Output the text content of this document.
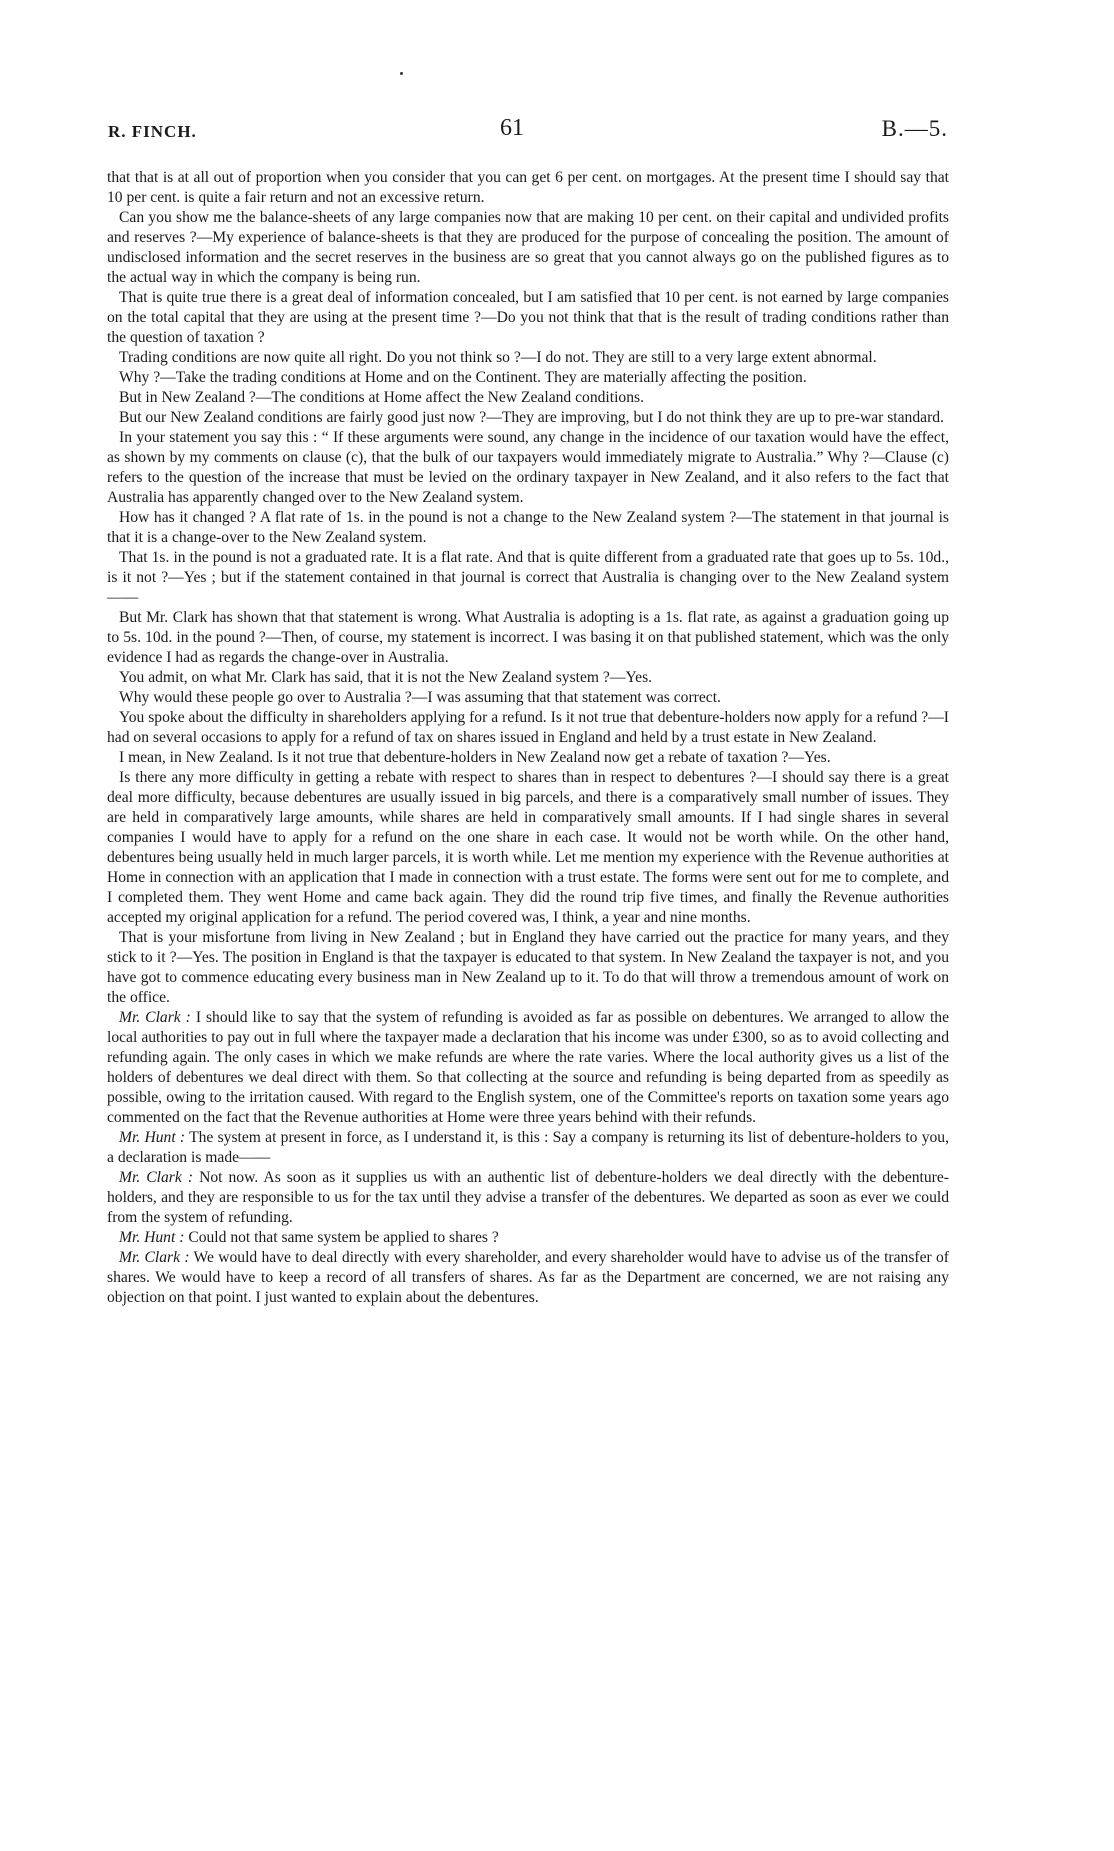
R. FINCH.	61	B.—5.

that that is at all out of proportion when you consider that you can get 6 per cent. on mortgages. At the present time I should say that 10 per cent. is quite a fair return and not an excessive return.

Can you show me the balance-sheets of any large companies now that are making 10 per cent. on their capital and undivided profits and reserves ?—My experience of balance-sheets is that they are produced for the purpose of concealing the position. The amount of undisclosed information and the secret reserves in the business are so great that you cannot always go on the published figures as to the actual way in which the company is being run.

That is quite true there is a great deal of information concealed, but I am satisfied that 10 per cent. is not earned by large companies on the total capital that they are using at the present time ?—Do you not think that that is the result of trading conditions rather than the question of taxation ?

Trading conditions are now quite all right. Do you not think so ?—I do not. They are still to a very large extent abnormal.

Why ?—Take the trading conditions at Home and on the Continent. They are materially affecting the position.

But in New Zealand ?—The conditions at Home affect the New Zealand conditions.

But our New Zealand conditions are fairly good just now ?—They are improving, but I do not think they are up to pre-war standard.

In your statement you say this : “ If these arguments were sound, any change in the incidence of our taxation would have the effect, as shown by my comments on clause (c), that the bulk of our taxpayers would immediately migrate to Australia.” Why ?—Clause (c) refers to the question of the increase that must be levied on the ordinary taxpayer in New Zealand, and it also refers to the fact that Australia has apparently changed over to the New Zealand system.

How has it changed ? A flat rate of 1s. in the pound is not a change to the New Zealand system ?—The statement in that journal is that it is a change-over to the New Zealand system.

That 1s. in the pound is not a graduated rate. It is a flat rate. And that is quite different from a graduated rate that goes up to 5s. 10d., is it not ?—Yes ; but if the statement contained in that journal is correct that Australia is changing over to the New Zealand system——

But Mr. Clark has shown that that statement is wrong. What Australia is adopting is a 1s. flat rate, as against a graduation going up to 5s. 10d. in the pound ?—Then, of course, my statement is incorrect. I was basing it on that published statement, which was the only evidence I had as regards the change-over in Australia.

You admit, on what Mr. Clark has said, that it is not the New Zealand system ?—Yes.

Why would these people go over to Australia ?—I was assuming that that statement was correct.

You spoke about the difficulty in shareholders applying for a refund. Is it not true that debenture-holders now apply for a refund ?—I had on several occasions to apply for a refund of tax on shares issued in England and held by a trust estate in New Zealand.

I mean, in New Zealand. Is it not true that debenture-holders in New Zealand now get a rebate of taxation ?—Yes.

Is there any more difficulty in getting a rebate with respect to shares than in respect to debentures ?—I should say there is a great deal more difficulty, because debentures are usually issued in big parcels, and there is a comparatively small number of issues. They are held in comparatively large amounts, while shares are held in comparatively small amounts. If I had single shares in several companies I would have to apply for a refund on the one share in each case. It would not be worth while. On the other hand, debentures being usually held in much larger parcels, it is worth while. Let me mention my experience with the Revenue authorities at Home in connection with an application that I made in connection with a trust estate. The forms were sent out for me to complete, and I completed them. They went Home and came back again. They did the round trip five times, and finally the Revenue authorities accepted my original application for a refund. The period covered was, I think, a year and nine months.

That is your misfortune from living in New Zealand ; but in England they have carried out the practice for many years, and they stick to it ?—Yes. The position in England is that the taxpayer is educated to that system. In New Zealand the taxpayer is not, and you have got to commence educating every business man in New Zealand up to it. To do that will throw a tremendous amount of work on the office.

Mr. Clark : I should like to say that the system of refunding is avoided as far as possible on debentures. We arranged to allow the local authorities to pay out in full where the taxpayer made a declaration that his income was under £300, so as to avoid collecting and refunding again. The only cases in which we make refunds are where the rate varies. Where the local authority gives us a list of the holders of debentures we deal direct with them. So that collecting at the source and refunding is being departed from as speedily as possible, owing to the irritation caused. With regard to the English system, one of the Committee's reports on taxation some years ago commented on the fact that the Revenue authorities at Home were three years behind with their refunds.

Mr. Hunt : The system at present in force, as I understand it, is this : Say a company is returning its list of debenture-holders to you, a declaration is made——

Mr. Clark : Not now. As soon as it supplies us with an authentic list of debenture-holders we deal directly with the debenture-holders, and they are responsible to us for the tax until they advise a transfer of the debentures. We departed as soon as ever we could from the system of refunding.

Mr. Hunt : Could not that same system be applied to shares ?

Mr. Clark : We would have to deal directly with every shareholder, and every shareholder would have to advise us of the transfer of shares. We would have to keep a record of all transfers of shares. As far as the Department are concerned, we are not raising any objection on that point. I just wanted to explain about the debentures.
